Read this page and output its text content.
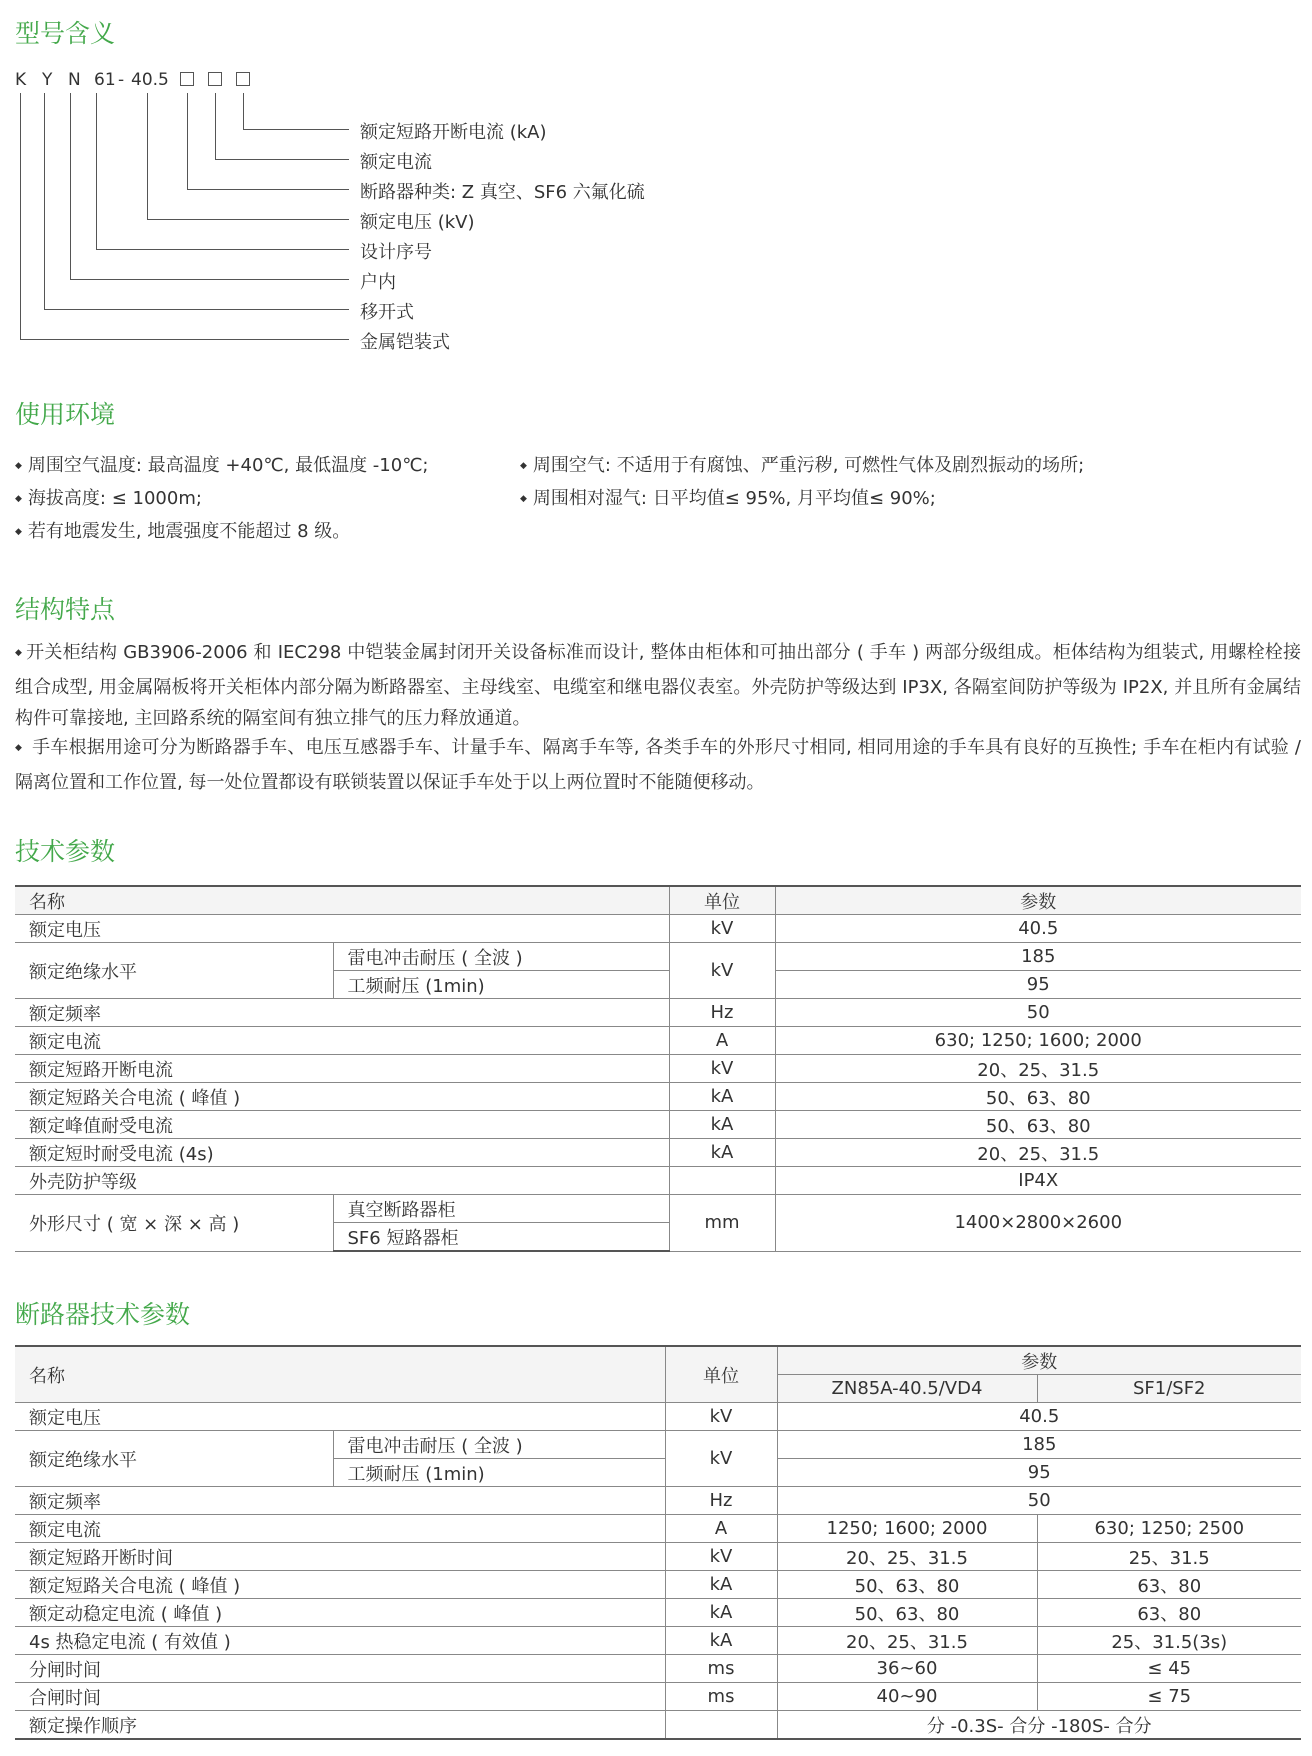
型号含义
K Y N 61 - 40.5
额定短路开断电流 (kA)
额定电流
断路器种类: Z 真空、SF6 六氟化硫
额定电压 (kV)
设计序号
户内
移开式
金属铠装式
使用环境
◆ 周围空气温度: 最高温度 +40℃, 最低温度 -10℃;
◆ 海拔高度: ≤ 1000m;
◆ 若有地震发生, 地震强度不能超过 8 级。
◆ 周围空气: 不适用于有腐蚀、严重污秽, 可燃性气体及剧烈振动的场所;
◆ 周围相对湿气: 日平均值≤ 95%, 月平均值≤ 90%;
结构特点

◆ 开关柜结构 GB3906-2006 和 IEC298 中铠装金属封闭开关设备标准而设计, 整体由柜体和可抽出部分 ( 手车 ) 两部分级组成。柜体结构为组装式, 用螺栓栓接组合成型, 用金属隔板将开关柜体内部分隔为断路器室、主母线室、电缆室和继电器仪表室。外壳防护等级达到 IP3X, 各隔室间防护等级为 IP2X, 并且所有金属结构件可靠接地, 主回路系统的隔室间有独立排气的压力释放通道。

◆ 手车根据用途可分为断路器手车、电压互感器手车、计量手车、隔离手车等, 各类手车的外形尺寸相同, 相同用途的手车具有良好的互换性; 手车在柜内有试验 / 隔离位置和工作位置, 每一处位置都设有联锁装置以保证手车处于以上两位置时不能随便移动。

技术参数
名称		单位	参数
额定电压		kV	40.5
额定绝缘水平	雷电冲击耐压 ( 全波 )	kV	185
	工频耐压 (1min)		95
额定频率		Hz	50
额定电流		A	630; 1250; 1600; 2000
额定短路开断电流		kV	20、25、31.5
额定短路关合电流 ( 峰值 )		kA	50、63、80
额定峰值耐受电流		kA	50、63、80
额定短时耐受电流 (4s)		kA	20、25、31.5
外壳防护等级			IP4X
外形尺寸 ( 宽 × 深 × 高 )	真空断路器柜	mm	1400×2800×2600
	SF6 短路器柜		
断路器技术参数
名称		单位	参数	
			ZN85A-40.5/VD4	SF1/SF2
额定电压		kV	40.5	
额定绝缘水平	雷电冲击耐压 ( 全波 )	kV	185	
	工频耐压 (1min)		95	
额定频率		Hz	50	
额定电流		A	1250; 1600; 2000	630; 1250; 2500
额定短路开断时间		kV	20、25、31.5	25、31.5
额定短路关合电流 ( 峰值 )		kA	50、63、80	63、80
额定动稳定电流 ( 峰值 )		kA	50、63、80	63、80
4s 热稳定电流 ( 有效值 )		kA	20、25、31.5	25、31.5(3s)
分闸时间		ms	36~60	≤ 45
合闸时间		ms	40~90	≤ 75
额定操作顺序			分 -0.3S- 合分 -180S- 合分	
